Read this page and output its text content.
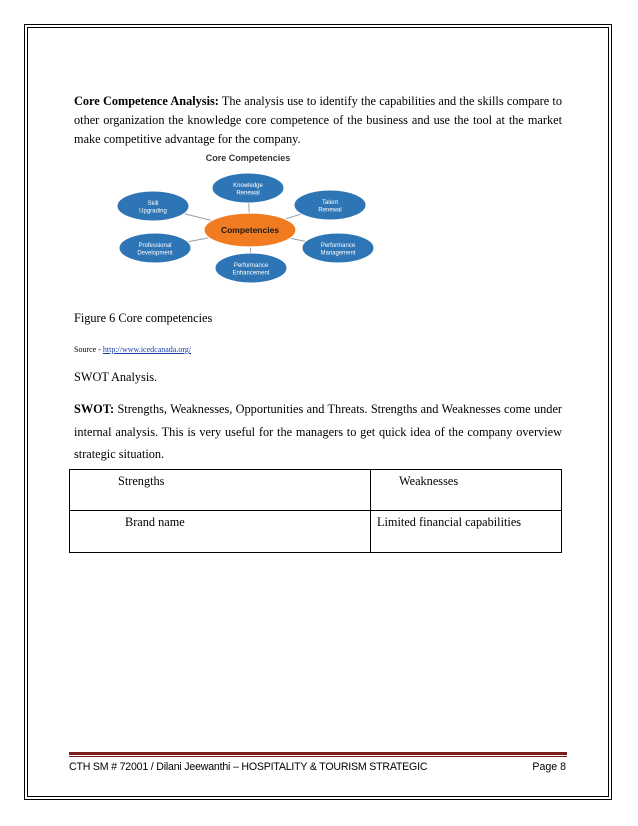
Core Competence Analysis: The analysis use to identify the capabilities and the skills compare to other organization the knowledge core competence of the business and use the tool at the market make competitive advantage for the company.

Core Competencies
Knowledge
Renewal
Talent
Renewal
Performance
Management
Performance
Enhancement
Professional
Development
Skill
Upgrading
Competencies
Figure 6 Core competencies
Source - http://www.icedcanada.org/
SWOT Analysis.

SWOT: Strengths, Weaknesses, Opportunities and Threats. Strengths and Weaknesses come under internal analysis. This is very useful for the managers to get quick idea of the company overview strategic situation.

Strengths	Weaknesses
Brand name	Limited financial capabilities
CTH SM # 72001 / Dilani Jeewanthi – HOSPITALITY & TOURISM STRATEGIC	Page 8
